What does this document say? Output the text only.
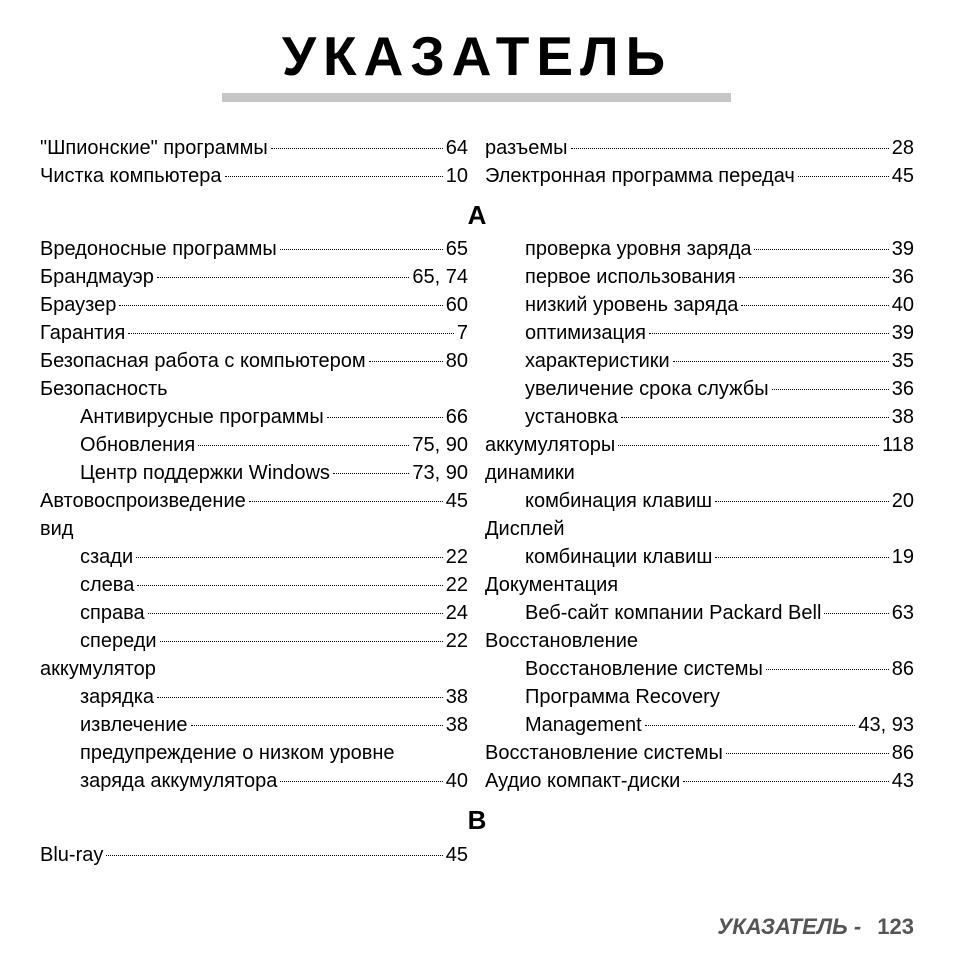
УКАЗАТЕЛЬ
"Шпионские" программы	64
Чистка компьютера	10
разъемы	28
Электронная программа передач	45
Вредоносные программы	65
Брандмауэр	65, 74
Браузер	60
Гарантия	7
Безопасная работа с компьютером	80
Безопасность
Антивирусные программы	66
Обновления	75, 90
Центр поддержки Windows	73, 90
Автовоспроизведение	45
вид
сзади	22
слева	22
справа	24
спереди	22
аккумулятор
зарядка	38
извлечение	38
предупреждение о низком уровне
заряда аккумулятора	40
проверка уровня заряда	39
первое использования	36
низкий уровень заряда	40
оптимизация	39
характеристики	35
увеличение срока службы	36
установка	38
аккумуляторы	118
динамики
комбинация клавиш	20
Дисплей
комбинации клавиш	19
Документация
Веб-сайт компании Packard Bell	63
Восстановление
Восстановление системы	86
Программа Recovery
Management	43, 93
Восстановление системы	86
Аудио компакт-диски	43
Blu-ray	45
A
B
УКАЗАТЕЛЬ - 123
